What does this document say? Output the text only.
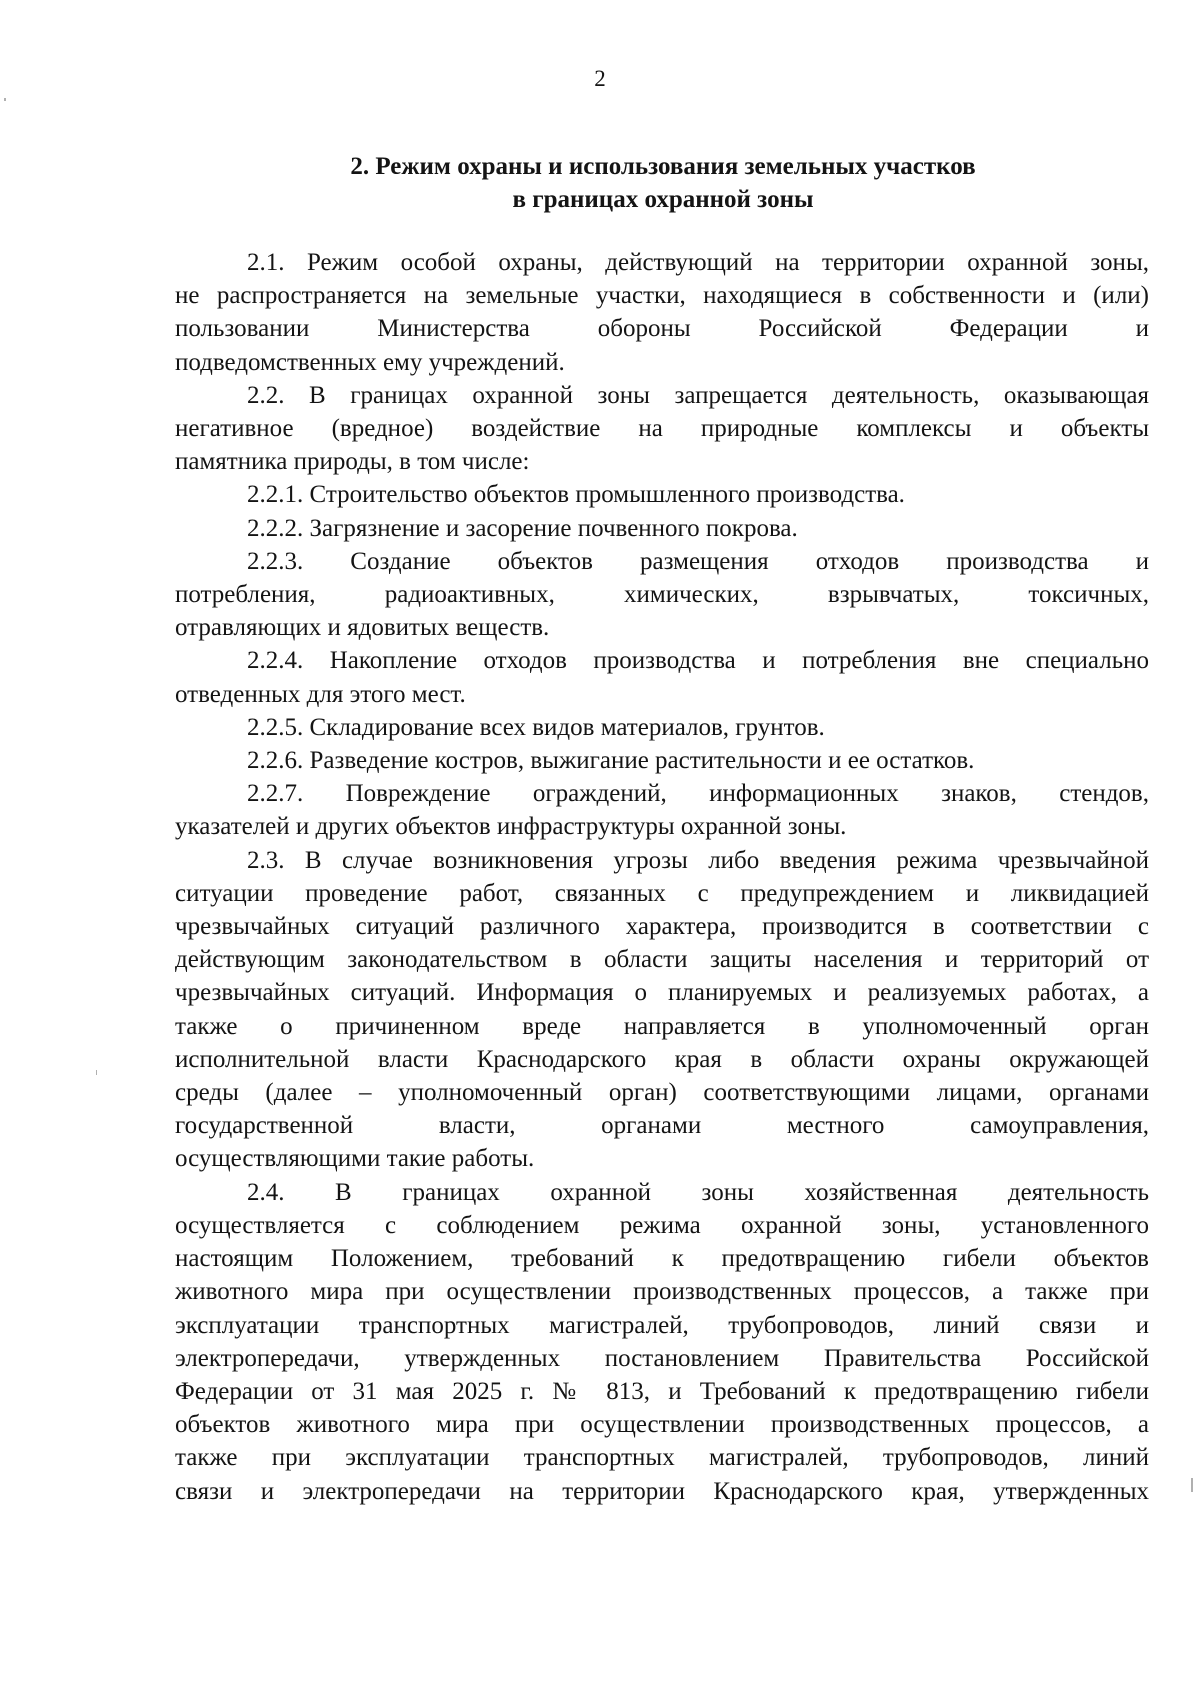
2
2. Режим охраны и использования земельных участков
в границах охранной зоны
2.1. Режим особой охраны, действующий на территории охранной зоны,
не распространяется на земельные участки, находящиеся в собственности и (или)
пользовании Министерства обороны Российской Федерации и
подведомственных ему учреждений.
2.2. В границах охранной зоны запрещается деятельность, оказывающая
негативное (вредное) воздействие на природные комплексы и объекты
памятника природы, в том числе:
2.2.1. Строительство объектов промышленного производства.
2.2.2. Загрязнение и засорение почвенного покрова.
2.2.3. Создание объектов размещения отходов производства и
потребления, радиоактивных, химических, взрывчатых, токсичных,
отравляющих и ядовитых веществ.
2.2.4. Накопление отходов производства и потребления вне специально
отведенных для этого мест.
2.2.5. Складирование всех видов материалов, грунтов.
2.2.6. Разведение костров, выжигание растительности и ее остатков.
2.2.7. Повреждение ограждений, информационных знаков, стендов,
указателей и других объектов инфраструктуры охранной зоны.
2.3. В случае возникновения угрозы либо введения режима чрезвычайной
ситуации проведение работ, связанных с предупреждением и ликвидацией
чрезвычайных ситуаций различного характера, производится в соответствии с
действующим законодательством в области защиты населения и территорий от
чрезвычайных ситуаций. Информация о планируемых и реализуемых работах, а
также о причиненном вреде направляется в уполномоченный орган
исполнительной власти Краснодарского края в области охраны окружающей
среды (далее – уполномоченный орган) соответствующими лицами, органами
государственной власти, органами местного самоуправления,
осуществляющими такие работы.
2.4. В границах охранной зоны хозяйственная деятельность
осуществляется с соблюдением режима охранной зоны, установленного
настоящим Положением, требований к предотвращению гибели объектов
животного мира при осуществлении производственных процессов, а также при
эксплуатации транспортных магистралей, трубопроводов, линий связи и
электропередачи, утвержденных постановлением Правительства Российской
Федерации от 31 мая 2025 г. № 813, и Требований к предотвращению гибели
объектов животного мира при осуществлении производственных процессов, а
также при эксплуатации транспортных магистралей, трубопроводов, линий
связи и электропередачи на территории Краснодарского края, утвержденных
